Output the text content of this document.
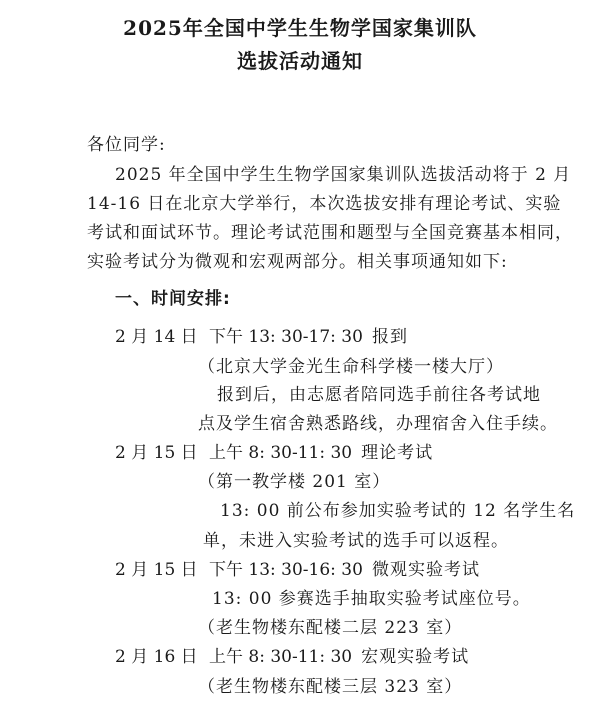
2025年全国中学生生物学国家集训队
选拔活动通知
各位同学:
2025 年全国中学生生物学国家集训队选拔活动将于 2 月
14-16 日在北京大学举行，本次选拔安排有理论考试、实验
考试和面试环节。理论考试范围和题型与全国竞赛基本相同，
实验考试分为微观和宏观两部分。相关事项通知如下:
一、时间安排:
2 月 14 日 下午 13: 30-17: 30 报到
（北京大学金光生命科学楼一楼大厅）
报到后，由志愿者陪同选手前往各考试地
点及学生宿舍熟悉路线，办理宿舍入住手续。
2 月 15 日 上午 8: 30-11: 30 理论考试
（第一教学楼 201 室）
13: 00 前公布参加实验考试的 12 名学生名
单，未进入实验考试的选手可以返程。
2 月 15 日 下午 13: 30-16: 30 微观实验考试
13: 00 参赛选手抽取实验考试座位号。
（老生物楼东配楼二层 223 室）
2 月 16 日 上午 8: 30-11: 30 宏观实验考试
（老生物楼东配楼三层 323 室）
